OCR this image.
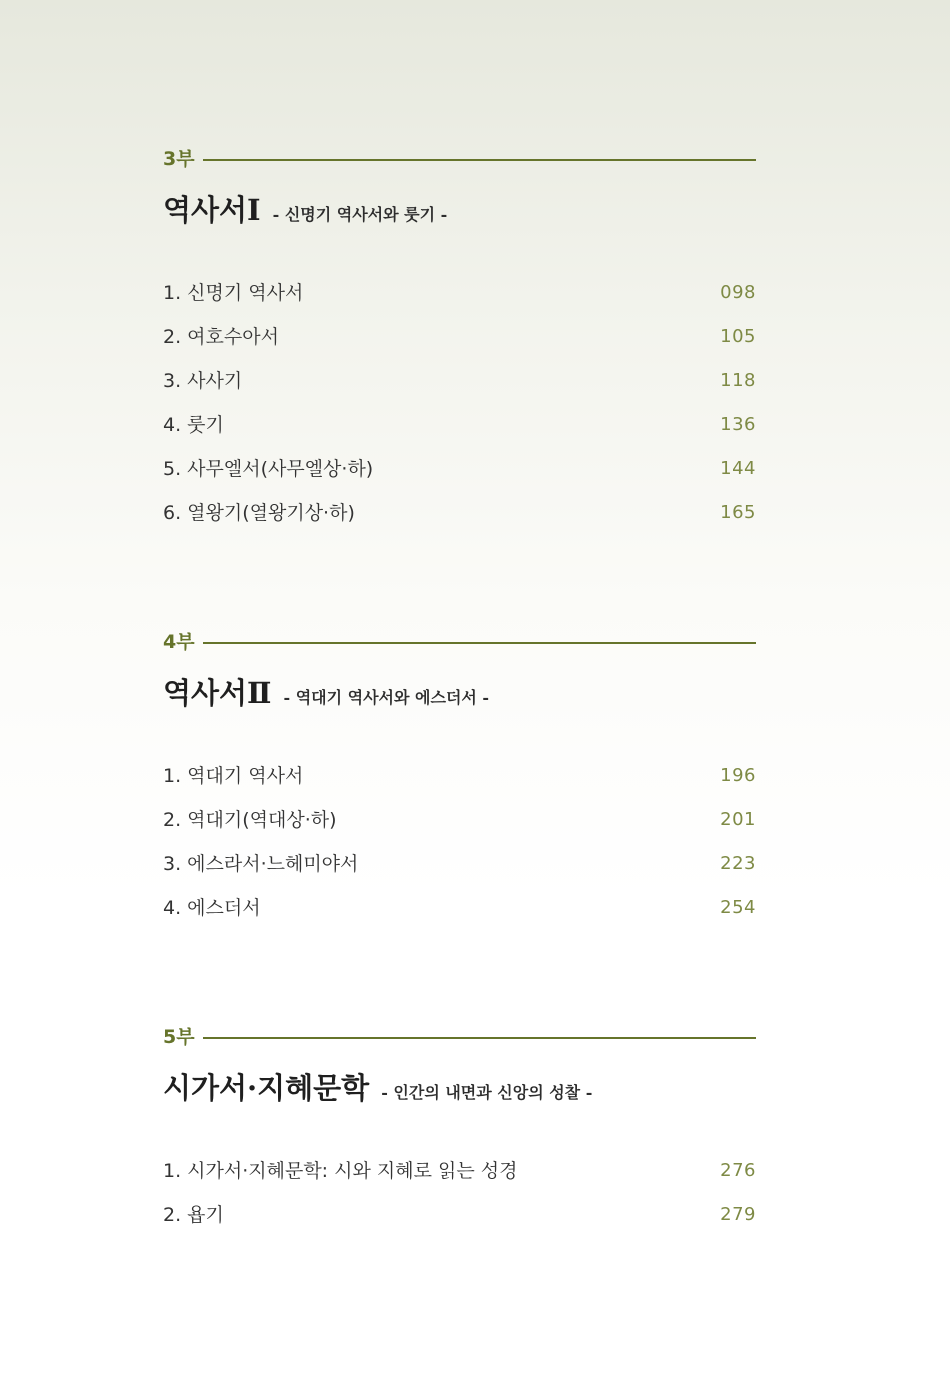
3부
역사서Ⅰ - 신명기 역사서와 룻기 -
1. 신명기 역사서	098
2. 여호수아서	105
3. 사사기	118
4. 룻기	136
5. 사무엘서(사무엘상·하)	144
6. 열왕기(열왕기상·하)	165
4부
역사서Ⅱ - 역대기 역사서와 에스더서 -
1. 역대기 역사서	196
2. 역대기(역대상·하)	201
3. 에스라서·느헤미야서	223
4. 에스더서	254
5부
시가서·지혜문학 - 인간의 내면과 신앙의 성찰 -
1. 시가서·지혜문학: 시와 지혜로 읽는 성경	276
2. 욥기	279
